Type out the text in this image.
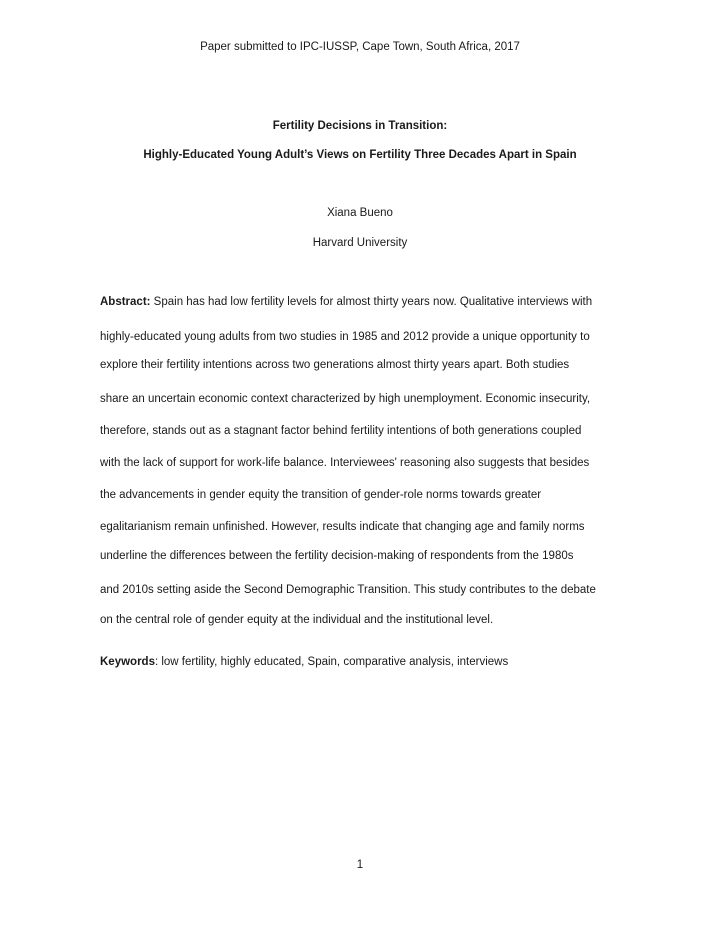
Paper submitted to IPC-IUSSP, Cape Town, South Africa, 2017
Fertility Decisions in Transition:
Highly-Educated Young Adult’s Views on Fertility Three Decades Apart in Spain
Xiana Bueno
Harvard University
Abstract: Spain has had low fertility levels for almost thirty years now. Qualitative interviews with
highly-educated young adults from two studies in 1985 and 2012 provide a unique opportunity to
explore their fertility intentions across two generations almost thirty years apart. Both studies
share an uncertain economic context characterized by high unemployment. Economic insecurity,
therefore, stands out as a stagnant factor behind fertility intentions of both generations coupled
with the lack of support for work-life balance. Interviewees' reasoning also suggests that besides
the advancements in gender equity the transition of gender-role norms towards greater
egalitarianism remain unfinished. However, results indicate that changing age and family norms
underline the differences between the fertility decision-making of respondents from the 1980s
and 2010s setting aside the Second Demographic Transition. This study contributes to the debate
on the central role of gender equity at the individual and the institutional level.
Keywords: low fertility, highly educated, Spain, comparative analysis, interviews
1
